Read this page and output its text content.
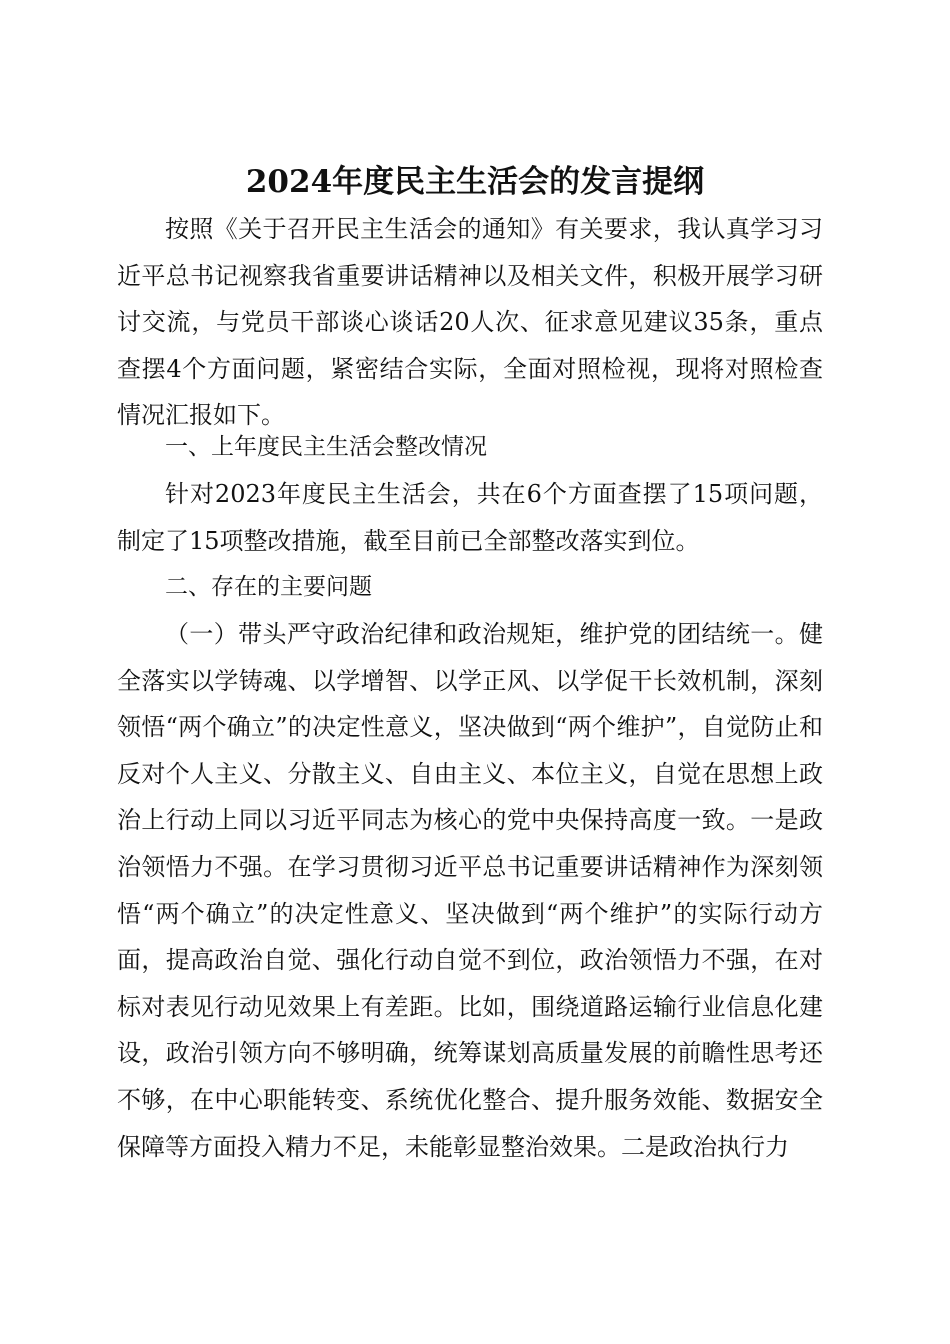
2024年度民主生活会的发言提纲

按照《关于召开民主生活会的通知》有关要求，我认真学习习近平总书记视察我省重要讲话精神以及相关文件，积极开展学习研讨交流，与党员干部谈心谈话20人次、征求意见建议35条，重点查摆4个方面问题，紧密结合实际，全面对照检视，现将对照检查情况汇报如下。

一、上年度民主生活会整改情况

针对2023年度民主生活会，共在6个方面查摆了15项问题，制定了15项整改措施，截至目前已全部整改落实到位。

二、存在的主要问题

（一）带头严守政治纪律和政治规矩，维护党的团结统一。健全落实以学铸魂、以学增智、以学正风、以学促干长效机制，深刻领悟“两个确立”的决定性意义，坚决做到“两个维护”，自觉防止和反对个人主义、分散主义、自由主义、本位主义，自觉在思想上政治上行动上同以习近平同志为核心的党中央保持高度一致。一是政治领悟力不强。在学习贯彻习近平总书记重要讲话精神作为深刻领悟“两个确立”的决定性意义、坚决做到“两个维护”的实际行动方面，提高政治自觉、强化行动自觉不到位，政治领悟力不强，在对标对表见行动见效果上有差距。比如，围绕道路运输行业信息化建设，政治引领方向不够明确，统筹谋划高质量发展的前瞻性思考还不够，在中心职能转变、系统优化整合、提升服务效能、数据安全保障等方面投入精力不足，未能彰显整治效果。二是政治执行力
